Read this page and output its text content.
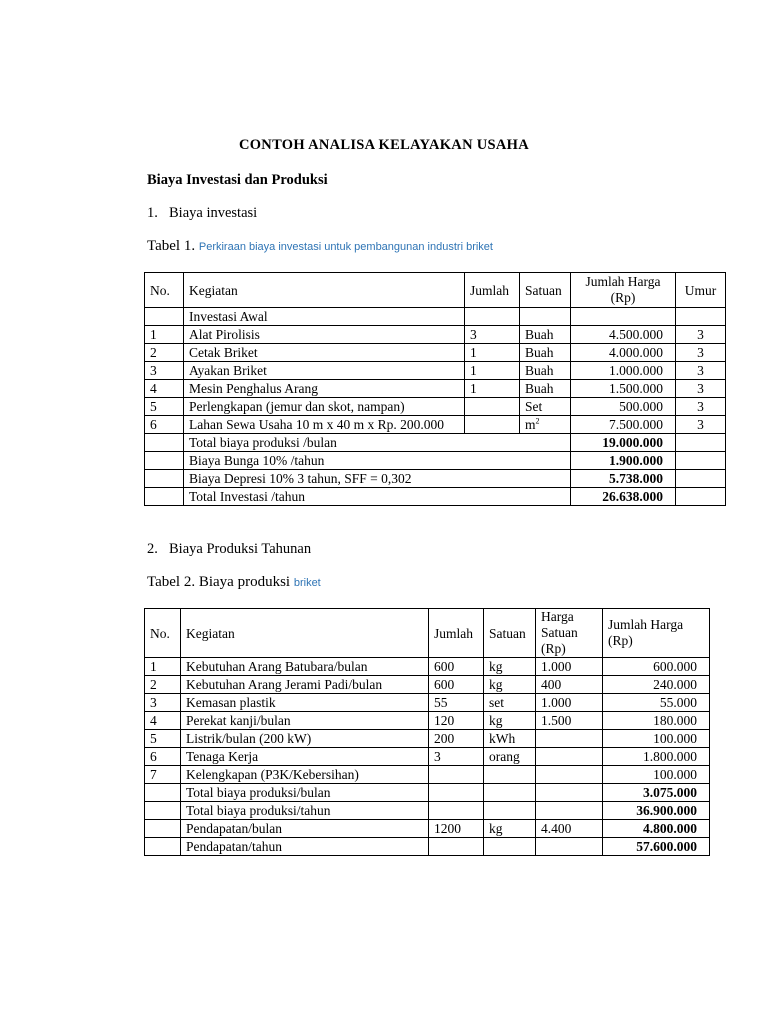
CONTOH ANALISA KELAYAKAN USAHA
Biaya Investasi dan Produksi
1. Biaya investasi
Tabel 1. Perkiraan biaya investasi untuk pembangunan industri briket
No.	Kegiatan	Jumlah	Satuan	Jumlah Harga (Rp)	Umur
	Investasi Awal				
1	Alat Pirolisis	3	Buah	4.500.000	3
2	Cetak Briket	1	Buah	4.000.000	3
3	Ayakan Briket	1	Buah	1.000.000	3
4	Mesin Penghalus Arang	1	Buah	1.500.000	3
5	Perlengkapan (jemur dan skot, nampan)		Set	500.000	3
6	Lahan Sewa Usaha 10 m x 40 m x Rp. 200.000		$m^2$	7.500.000	3
	Total biaya produksi /bulan			19.000.000	
	Biaya Bunga 10% /tahun			1.900.000	
	Biaya Depresi 10% 3 tahun, SFF = 0,302			5.738.000	
	Total Investasi /tahun			26.638.000	
2. Biaya Produksi Tahunan
Tabel 2. Biaya produksi briket
No.	Kegiatan	Jumlah	Satuan	Harga Satuan (Rp)	Jumlah Harga (Rp)
1	Kebutuhan Arang Batubara/bulan	600	kg	1.000	600.000
2	Kebutuhan Arang Jerami Padi/bulan	600	kg	400	240.000
3	Kemasan plastik	55	set	1.000	55.000
4	Perekat kanji/bulan	120	kg	1.500	180.000
5	Listrik/bulan (200 kW)	200	kWh		100.000
6	Tenaga Kerja	3	orang		1.800.000
7	Kelengkapan (P3K/Kebersihan)				100.000
	Total biaya produksi/bulan				3.075.000
	Total biaya produksi/tahun				36.900.000
	Pendapatan/bulan	1200	kg	4.400	4.800.000
	Pendapatan/tahun				57.600.000
